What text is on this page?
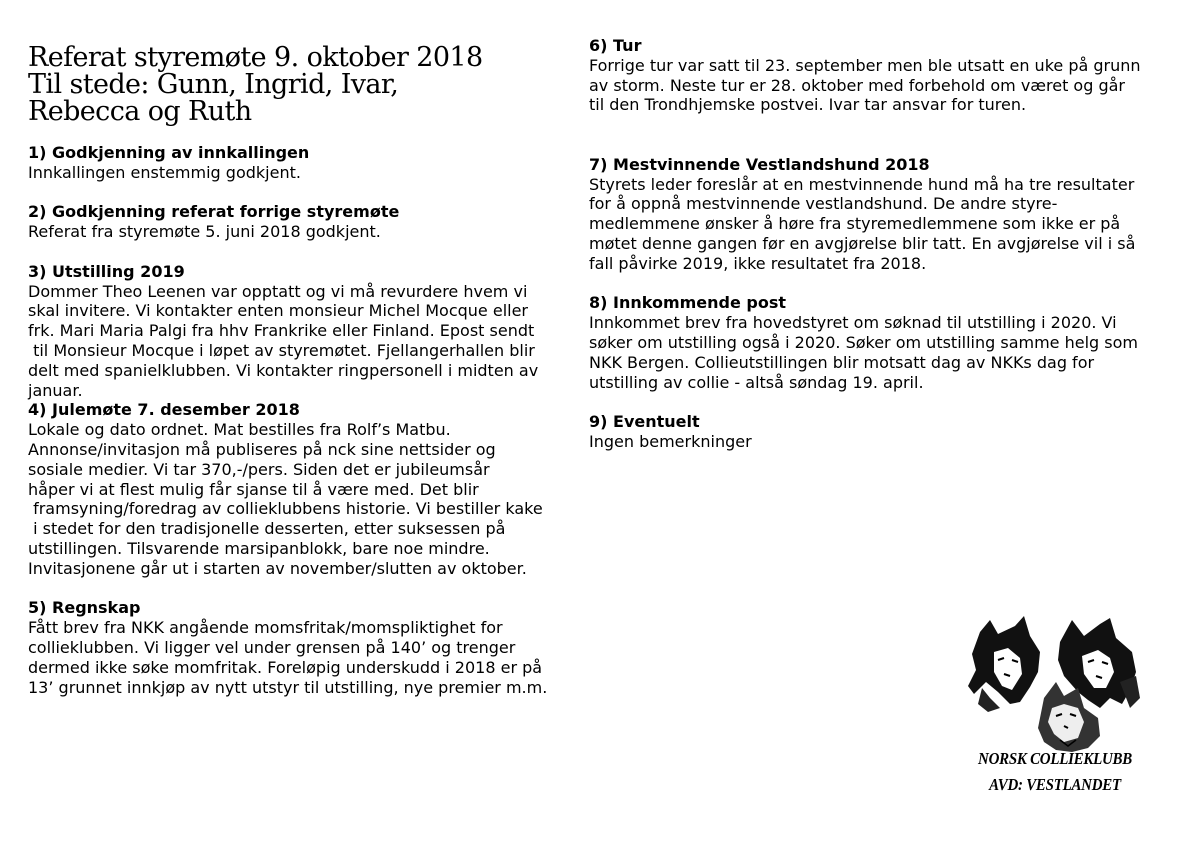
Referat styremøte 9. oktober 2018
Til stede: Gunn, Ingrid, Ivar,
Rebecca og Ruth
1) Godkjenning av innkallingen
Innkallingen enstemmig godkjent.
2) Godkjenning referat forrige styremøte
Referat fra styremøte 5. juni 2018 godkjent.
3) Utstilling 2019
Dommer Theo Leenen var opptatt og vi må revurdere hvem vi
skal invitere. Vi kontakter enten monsieur Michel Mocque eller
frk. Mari Maria Palgi fra hhv Frankrike eller Finland. Epost sendt
til Monsieur Mocque i løpet av styremøtet. Fjellangerhallen blir
delt med spanielklubben. Vi kontakter ringpersonell i midten av
januar.
4) Julemøte 7. desember 2018
Lokale og dato ordnet. Mat bestilles fra Rolf’s Matbu.
Annonse/invitasjon må publiseres på nck sine nettsider og
sosiale medier. Vi tar 370,-/pers. Siden det er jubileumsår
håper vi at flest mulig får sjanse til å være med. Det blir
framsyning/foredrag av collieklubbens historie. Vi bestiller kake
i stedet for den tradisjonelle desserten, etter suksessen på
utstillingen. Tilsvarende marsipanblokk, bare noe mindre.
Invitasjonene går ut i starten av november/slutten av oktober.
5) Regnskap
Fått brev fra NKK angående momsfritak/momspliktighet for
collieklubben. Vi ligger vel under grensen på 140’ og trenger
dermed ikke søke momfritak. Foreløpig underskudd i 2018 er på
13’ grunnet innkjøp av nytt utstyr til utstilling, nye premier m.m.
6) Tur
Forrige tur var satt til 23. september men ble utsatt en uke på grunn
av storm. Neste tur er 28. oktober med forbehold om været og går
til den Trondhjemske postvei. Ivar tar ansvar for turen.
7) Mestvinnende Vestlandshund 2018
Styrets leder foreslår at en mestvinnende hund må ha tre resultater
for å oppnå mestvinnende vestlandshund. De andre styre-
medlemmene ønsker å høre fra styremedlemmene som ikke er på
møtet denne gangen før en avgjørelse blir tatt. En avgjørelse vil i så
fall påvirke 2019, ikke resultatet fra 2018.
8) Innkommende post
Innkommet brev fra hovedstyret om søknad til utstilling i 2020. Vi
søker om utstilling også i 2020. Søker om utstilling samme helg som
NKK Bergen. Collieutstillingen blir motsatt dag av NKKs dag for
utstilling av collie - altså søndag 19. april.
9) Eventuelt
Ingen bemerkninger
NORSK COLLIEKLUBB
AVD: VESTLANDET
